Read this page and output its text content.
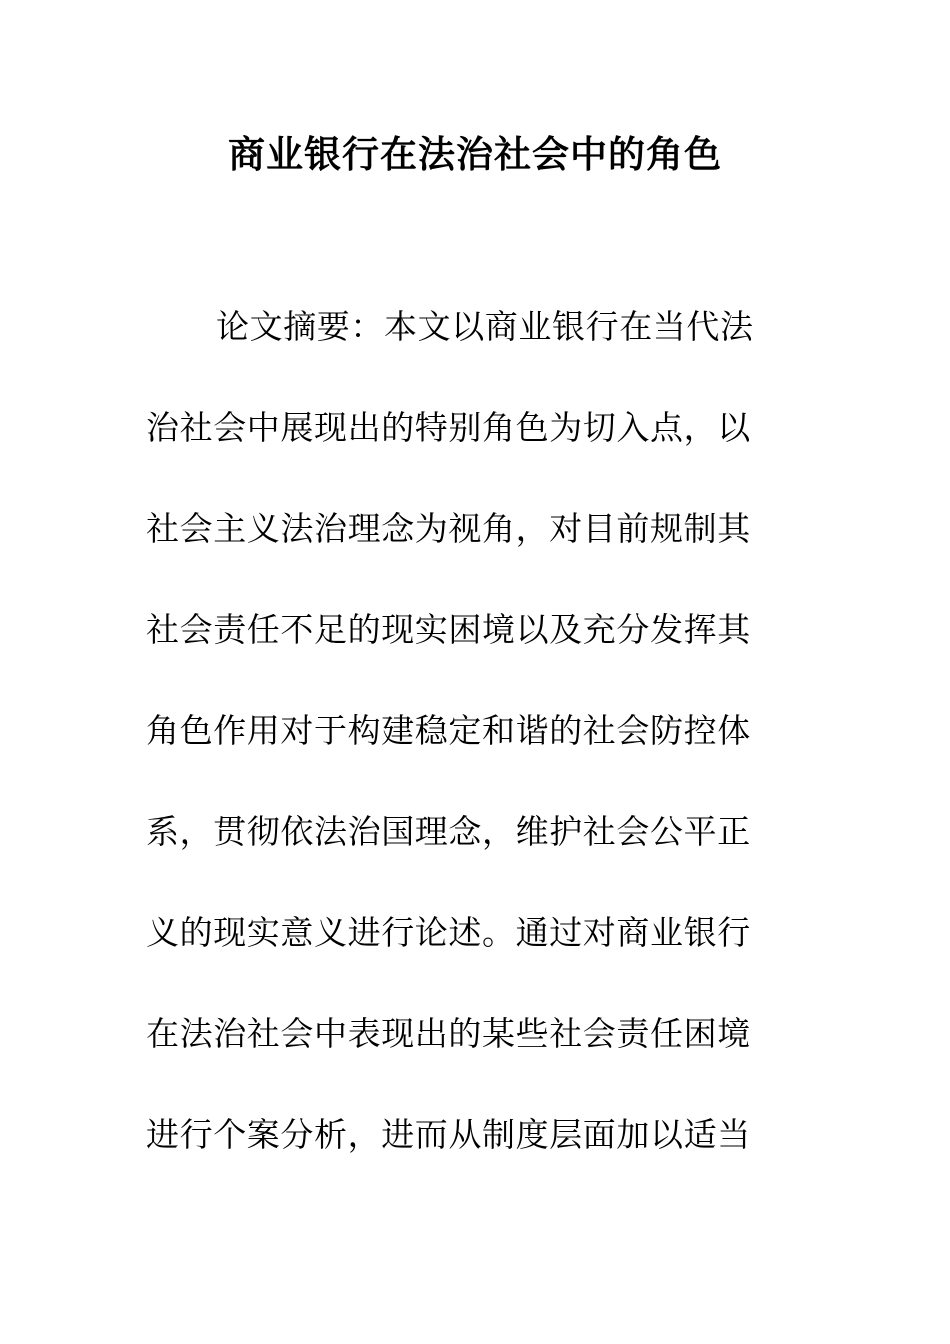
商业银行在法治社会中的角色
论文摘要：本文以商业银行在当代法
治社会中展现出的特别角色为切入点，以
社会主义法治理念为视角，对目前规制其
社会责任不足的现实困境以及充分发挥其
角色作用对于构建稳定和谐的社会防控体
系，贯彻依法治国理念，维护社会公平正
义的现实意义进行论述。通过对商业银行
在法治社会中表现出的某些社会责任困境
进行个案分析，进而从制度层面加以适当
